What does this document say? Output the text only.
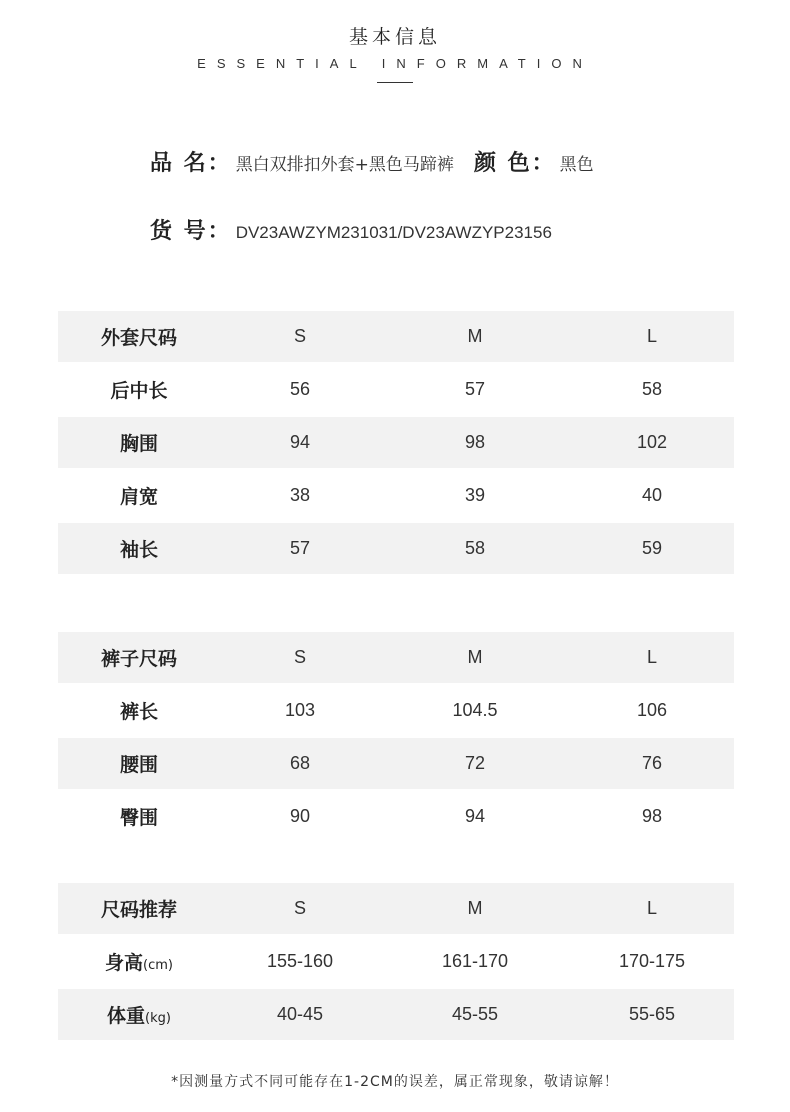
基本信息
ESSENTIAL INFORMATION
品 名 ： 黑白双排扣外套+黑色马蹄裤 颜 色 ： 黑色
货 号 ： DV23AWZYM231031/DV23AWZYP23156
外套尺码	S	M	L
后中长	56	57	58
胸围	94	98	102
肩宽	38	39	40
袖长	57	58	59
裤子尺码	S	M	L
裤长	103	104.5	106
腰围	68	72	76
臀围	90	94	98
尺码推荐	S	M	L
身高(cm)	155-160	161-170	170-175
体重(kg)	40-45	45-55	55-65
*因测量方式不同可能存在1-2CM的误差，属正常现象，敬请谅解！
